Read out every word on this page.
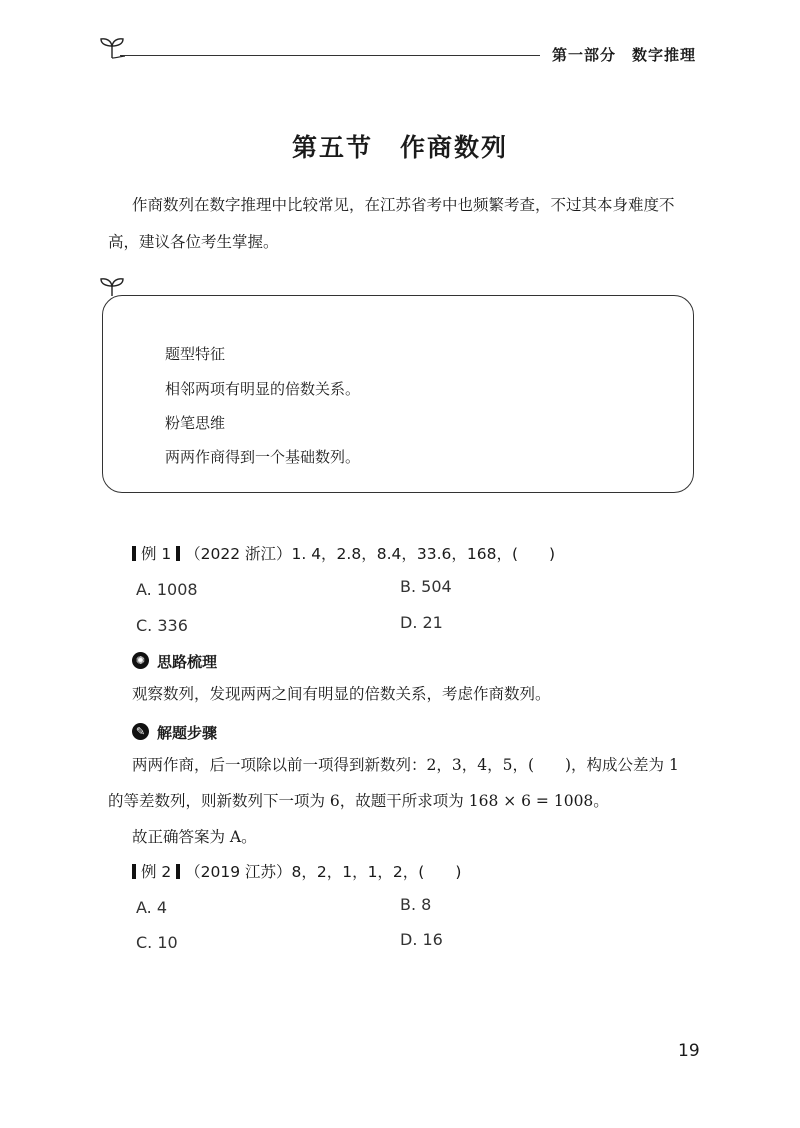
第一部分　数字推理
第五节　作商数列
作商数列在数字推理中比较常见，在江苏省考中也频繁考查，不过其本身难度不
高，建议各位考生掌握。
题型特征
相邻两项有明显的倍数关系。
粉笔思维
两两作商得到一个基础数列。
例 1 （2022 浙江）1. 4，2.8，8.4，33.6，168，(　　)
A. 1008	B. 504
C. 336	D. 21
✺ 思路梳理
观察数列，发现两两之间有明显的倍数关系，考虑作商数列。
✎ 解题步骤
两两作商，后一项除以前一项得到新数列：2，3，4，5，(　　)，构成公差为 1
的等差数列，则新数列下一项为 6，故题干所求项为 168 × 6 = 1008。
故正确答案为 A。
例 2 （2019 江苏）8，2，1，1，2，(　　)
A. 4	B. 8
C. 10	D. 16
19
